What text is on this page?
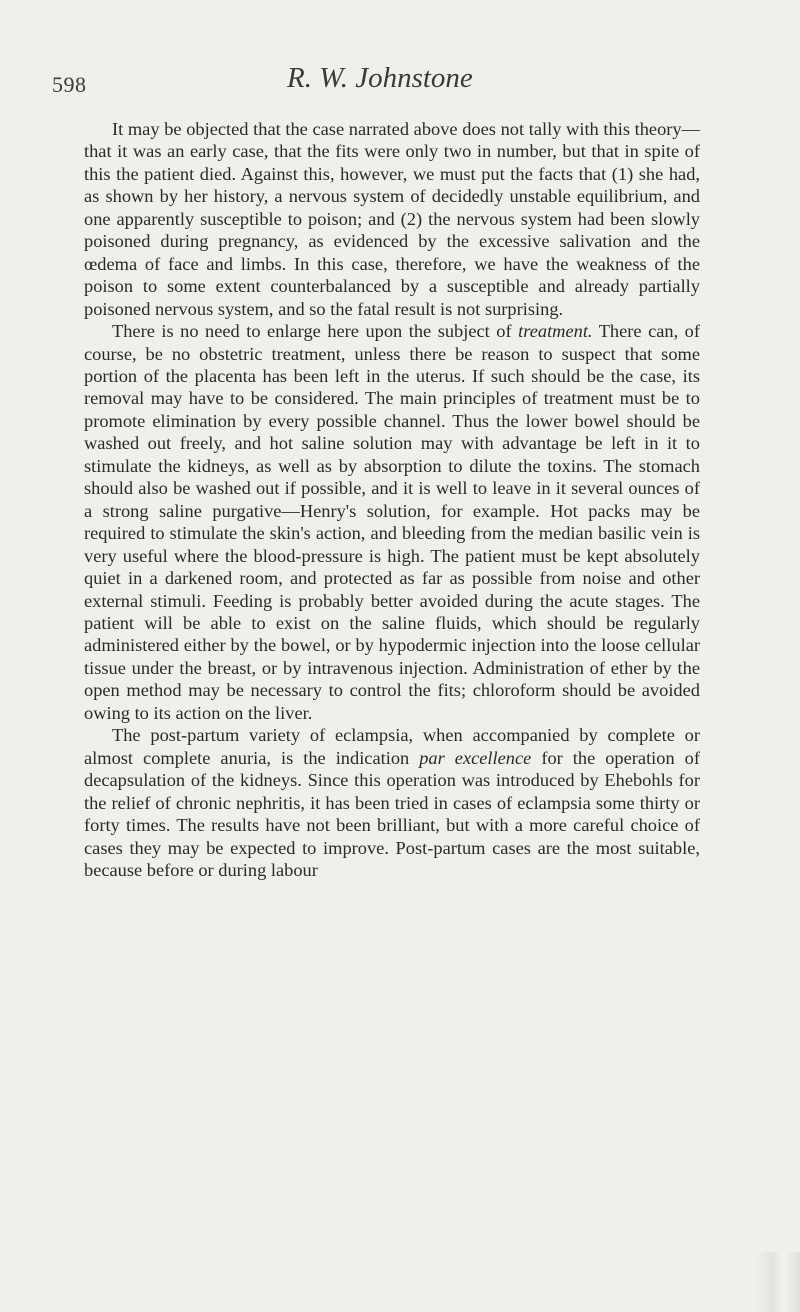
598	R. W. Johnstone

It may be objected that the case narrated above does not tally with this theory—that it was an early case, that the fits were only two in number, but that in spite of this the patient died. Against this, however, we must put the facts that (1) she had, as shown by her history, a nervous system of decidedly unstable equilibrium, and one apparently susceptible to poison; and (2) the nervous system had been slowly poisoned during pregnancy, as evidenced by the excessive salivation and the œdema of face and limbs. In this case, therefore, we have the weakness of the poison to some extent counterbalanced by a susceptible and already partially poisoned nervous system, and so the fatal result is not surprising.

There is no need to enlarge here upon the subject of treatment. There can, of course, be no obstetric treatment, unless there be reason to suspect that some portion of the placenta has been left in the uterus. If such should be the case, its removal may have to be considered. The main principles of treatment must be to promote elimination by every possible channel. Thus the lower bowel should be washed out freely, and hot saline solution may with advantage be left in it to stimulate the kidneys, as well as by absorption to dilute the toxins. The stomach should also be washed out if possible, and it is well to leave in it several ounces of a strong saline purgative—Henry's solution, for example. Hot packs may be required to stimulate the skin's action, and bleeding from the median basilic vein is very useful where the blood-pressure is high. The patient must be kept absolutely quiet in a darkened room, and protected as far as possible from noise and other external stimuli. Feeding is probably better avoided during the acute stages. The patient will be able to exist on the saline fluids, which should be regularly administered either by the bowel, or by hypodermic injection into the loose cellular tissue under the breast, or by intravenous injection. Administration of ether by the open method may be necessary to control the fits; chloroform should be avoided owing to its action on the liver.

The post-partum variety of eclampsia, when accompanied by complete or almost complete anuria, is the indication par excellence for the operation of decapsulation of the kidneys. Since this operation was introduced by Ehebohls for the relief of chronic nephritis, it has been tried in cases of eclampsia some thirty or forty times. The results have not been brilliant, but with a more careful choice of cases they may be expected to improve. Post-partum cases are the most suitable, because before or during labour
